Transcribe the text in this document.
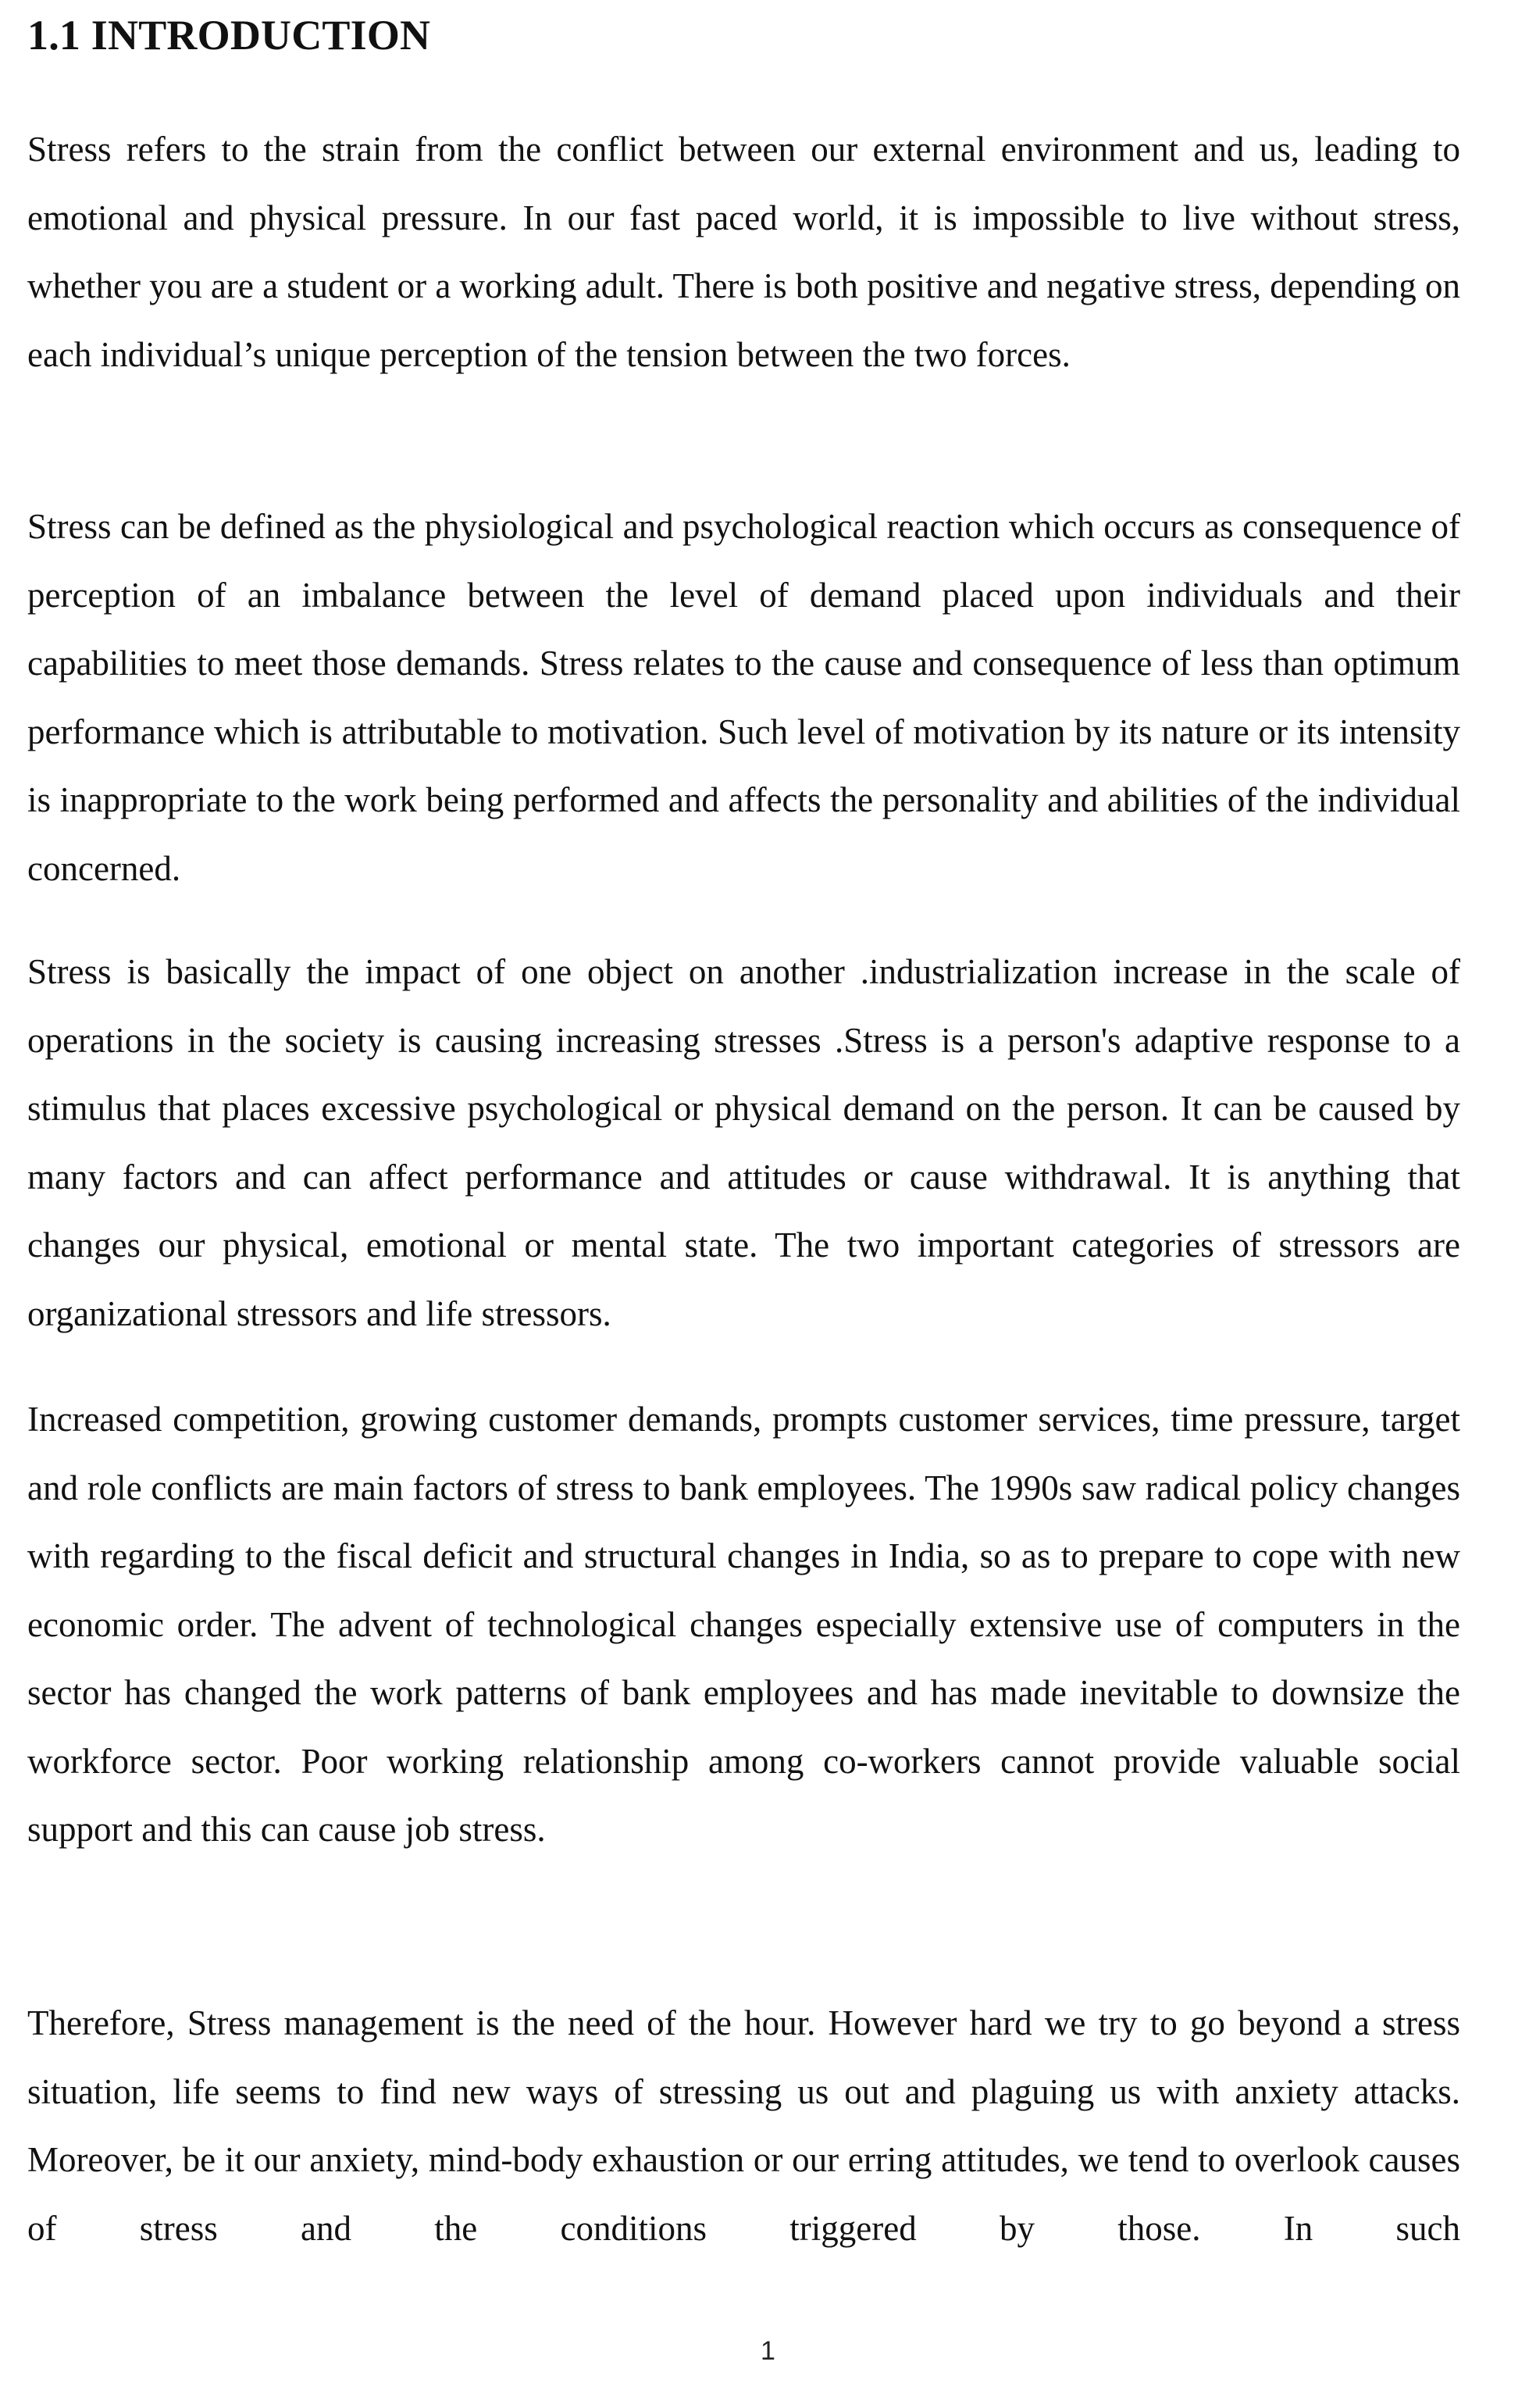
1.1 INTRODUCTION

Stress refers to the strain from the conflict between our external environment and us, leading to emotional and physical pressure. In our fast paced world, it is impossible to live without stress, whether you are a student or a working adult. There is both positive and negative stress, depending on each individual’s unique perception of the tension between the two forces.

Stress can be defined as the physiological and psychological reaction which occurs as consequence of perception of an imbalance between the level of demand placed upon individuals and their capabilities to meet those demands. Stress relates to the cause and consequence of less than optimum performance which is attributable to motivation. Such level of motivation by its nature or its intensity is inappropriate to the work being performed and affects the personality and abilities of the individual concerned.

Stress is basically the impact of one object on another .industrialization increase in the scale of operations in the society is causing increasing stresses .Stress is a person's adaptive response to a stimulus that places excessive psychological or physical demand on the person. It can be caused by many factors and can affect performance and attitudes or cause withdrawal. It is anything that changes our physical, emotional or mental state. The two important categories of stressors are organizational stressors and life stressors.

Increased competition, growing customer demands, prompts customer services, time pressure, target and role conflicts are main factors of stress to bank employees. The 1990s saw radical policy changes with regarding to the fiscal deficit and structural changes in India, so as to prepare to cope with new economic order. The advent of technological changes especially extensive use of computers in the sector has changed the work patterns of bank employees and has made inevitable to downsize the workforce sector. Poor working relationship among co-workers cannot provide valuable social support and this can cause job stress.

Therefore, Stress management is the need of the hour. However hard we try to go beyond a stress situation, life seems to find new ways of stressing us out and plaguing us with anxiety attacks. Moreover, be it our anxiety, mind-body exhaustion or our erring attitudes, we tend to overlook causes of stress and the conditions triggered by those. In such

1
